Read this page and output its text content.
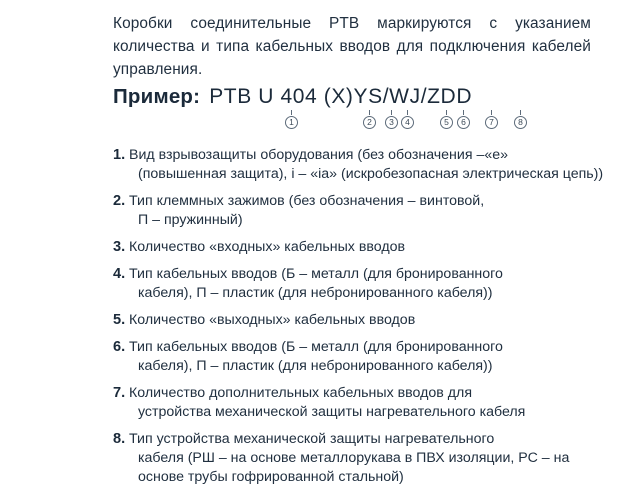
Коробки соединительные PTB маркируются с указанием количества и типа кабельных вводов для подключения кабелей управления.

Пример: PTB U 404 (X)YS/WJ/ZDD
1	2	3	4	5	6	7	8
1. Вид взрывозащиты оборудования (без обозначения –«е»
(повышенная защита), i – «ia» (искробезопасная электрическая цепь))
2. Тип клеммных зажимов (без обозначения – винтовой,
П – пружинный)
3. Количество «входных» кабельных вводов
4. Тип кабельных вводов (Б – металл (для бронированного
кабеля), П – пластик (для небронированного кабеля))
5. Количество «выходных» кабельных вводов
6. Тип кабельных вводов (Б – металл (для бронированного
кабеля), П – пластик (для небронированного кабеля))
7. Количество дополнительных кабельных вводов для
устройства механической защиты нагревательного кабеля
8. Тип устройства механической защиты нагревательного
кабеля (РШ – на основе металлорукава в ПВХ изоляции, РС – на основе трубы гофрированной стальной)
